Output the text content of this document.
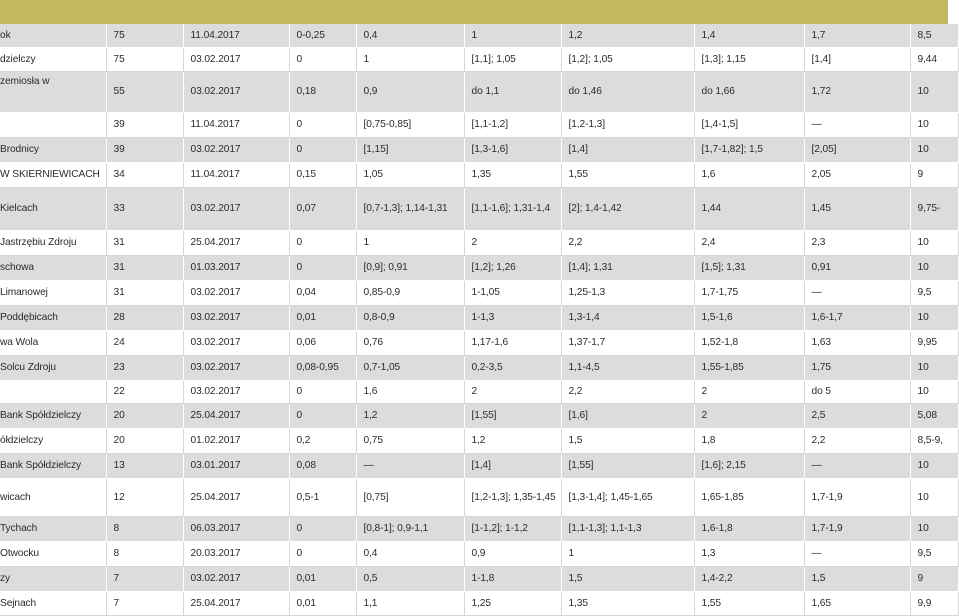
ok	75	11.04.2017	0-0,25	0,4	1	1,2	1,4	1,7	8,5
dzielczy	75	03.02.2017	0	1	[1,1]; 1,05	[1,2]; 1,05	[1,3]; 1,15	[1,4]	9,44
zemiosła w	55	03.02.2017	0,18	0,9	do 1,1	do 1,46	do 1,66	1,72	10
	39	11.04.2017	0	[0,75-0,85]	[1,1-1,2]	[1,2-1,3]	[1,4-1,5]	—	10
Brodnicy	39	03.02.2017	0	[1,15]	[1,3-1,6]	[1,4]	[1,7-1,82]; 1,5	[2,05]	10
W SKIERNIEWICACH	34	11.04.2017	0,15	1,05	1,35	1,55	1,6	2,05	9
Kielcach	33	03.02.2017	0,07	[0,7-1,3]; 1,14-1,31	[1,1-1,6]; 1,31-1,4	[2]; 1,4-1,42	1,44	1,45	9,75-
Jastrzębiu Zdroju	31	25.04.2017	0	1	2	2,2	2,4	2,3	10
schowa	31	01.03.2017	0	[0,9]; 0,91	[1,2]; 1,26	[1,4]; 1,31	[1,5]; 1,31	0,91	10
Limanowej	31	03.02.2017	0,04	0,85-0,9	1-1,05	1,25-1,3	1,7-1,75	—	9,5
Poddębicach	28	03.02.2017	0,01	0,8-0,9	1-1,3	1,3-1,4	1,5-1,6	1,6-1,7	10
wa Wola	24	03.02.2017	0,06	0,76	1,17-1,6	1,37-1,7	1,52-1,8	1,63	9,95
Solcu Zdroju	23	03.02.2017	0,08-0,95	0,7-1,05	0,2-3,5	1,1-4,5	1,55-1,85	1,75	10
	22	03.02.2017	0	1,6	2	2,2	2	do 5	10
Bank Spółdzielczy	20	25.04.2017	0	1,2	[1,55]	[1,6]	2	2,5	5,08
ółdzielczy	20	01.02.2017	0,2	0,75	1,2	1,5	1,8	2,2	8,5-9,
Bank Spółdzielczy	13	03.01.2017	0,08	—	[1,4]	[1,55]	[1,6]; 2,15	—	10
wicach	12	25.04.2017	0,5-1	[0,75]	[1,2-1,3]; 1,35-1,45	[1,3-1,4]; 1,45-1,65	1,65-1,85	1,7-1,9	10
Tychach	8	06.03.2017	0	[0,8-1]; 0,9-1,1	[1-1,2]; 1-1,2	[1,1-1,3]; 1,1-1,3	1,6-1,8	1,7-1,9	10
Otwocku	8	20.03.2017	0	0,4	0,9	1	1,3	—	9,5
zy	7	03.02.2017	0,01	0,5	1-1,8	1,5	1,4-2,2	1,5	9
Sejnach	7	25.04.2017	0,01	1,1	1,25	1,35	1,55	1,65	9,9
